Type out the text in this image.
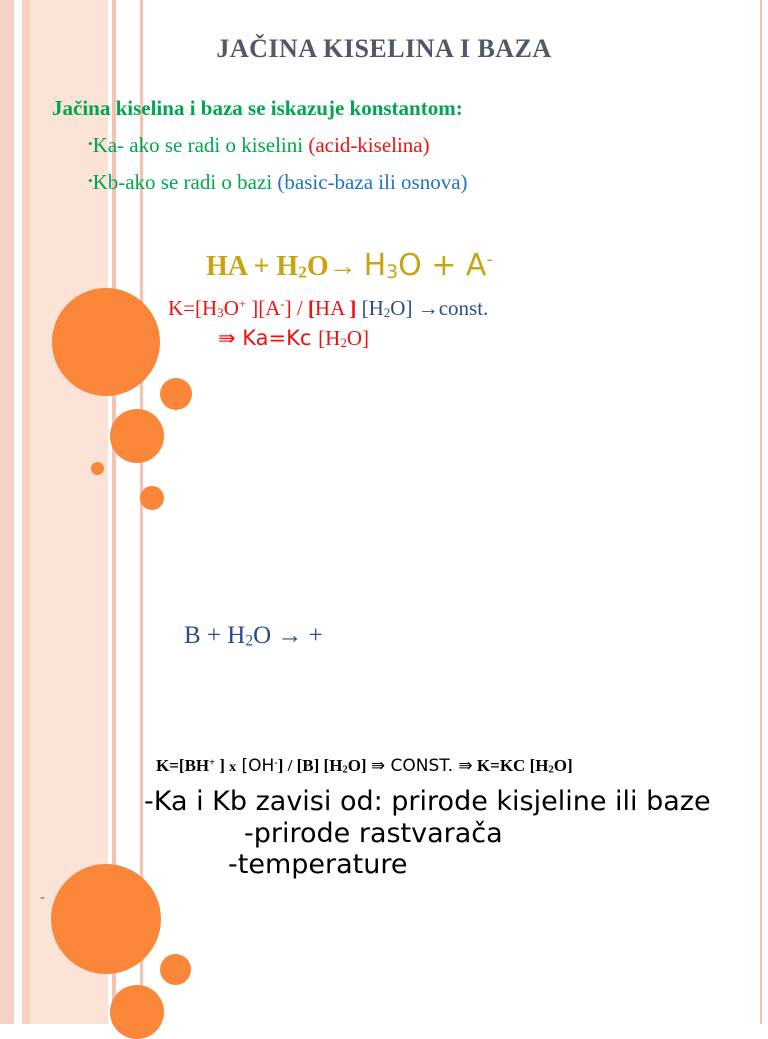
-
JAČINA KISELINA I BAZA
Jačina kiselina i baza se iskazuje konstantom:
•Ka- ako se radi o kiselini (acid-kiselina)
•Kb-ako se radi o bazi (basic-baza ili osnova)
HA + H2O→ H3O + A-
K=[H3O+ ][A-] / [HA ] [H2O] →const.
⇛ Ka=Kc [H2O]
B + H2O → +
K=[BH+ ] x [OH-] / [B] [H2O] ⇛ CONST. ⇛ K=KC [H2O]
-Ka i Kb zavisi od: prirode kisjeline ili baze
-prirode rastvarača
-temperature
